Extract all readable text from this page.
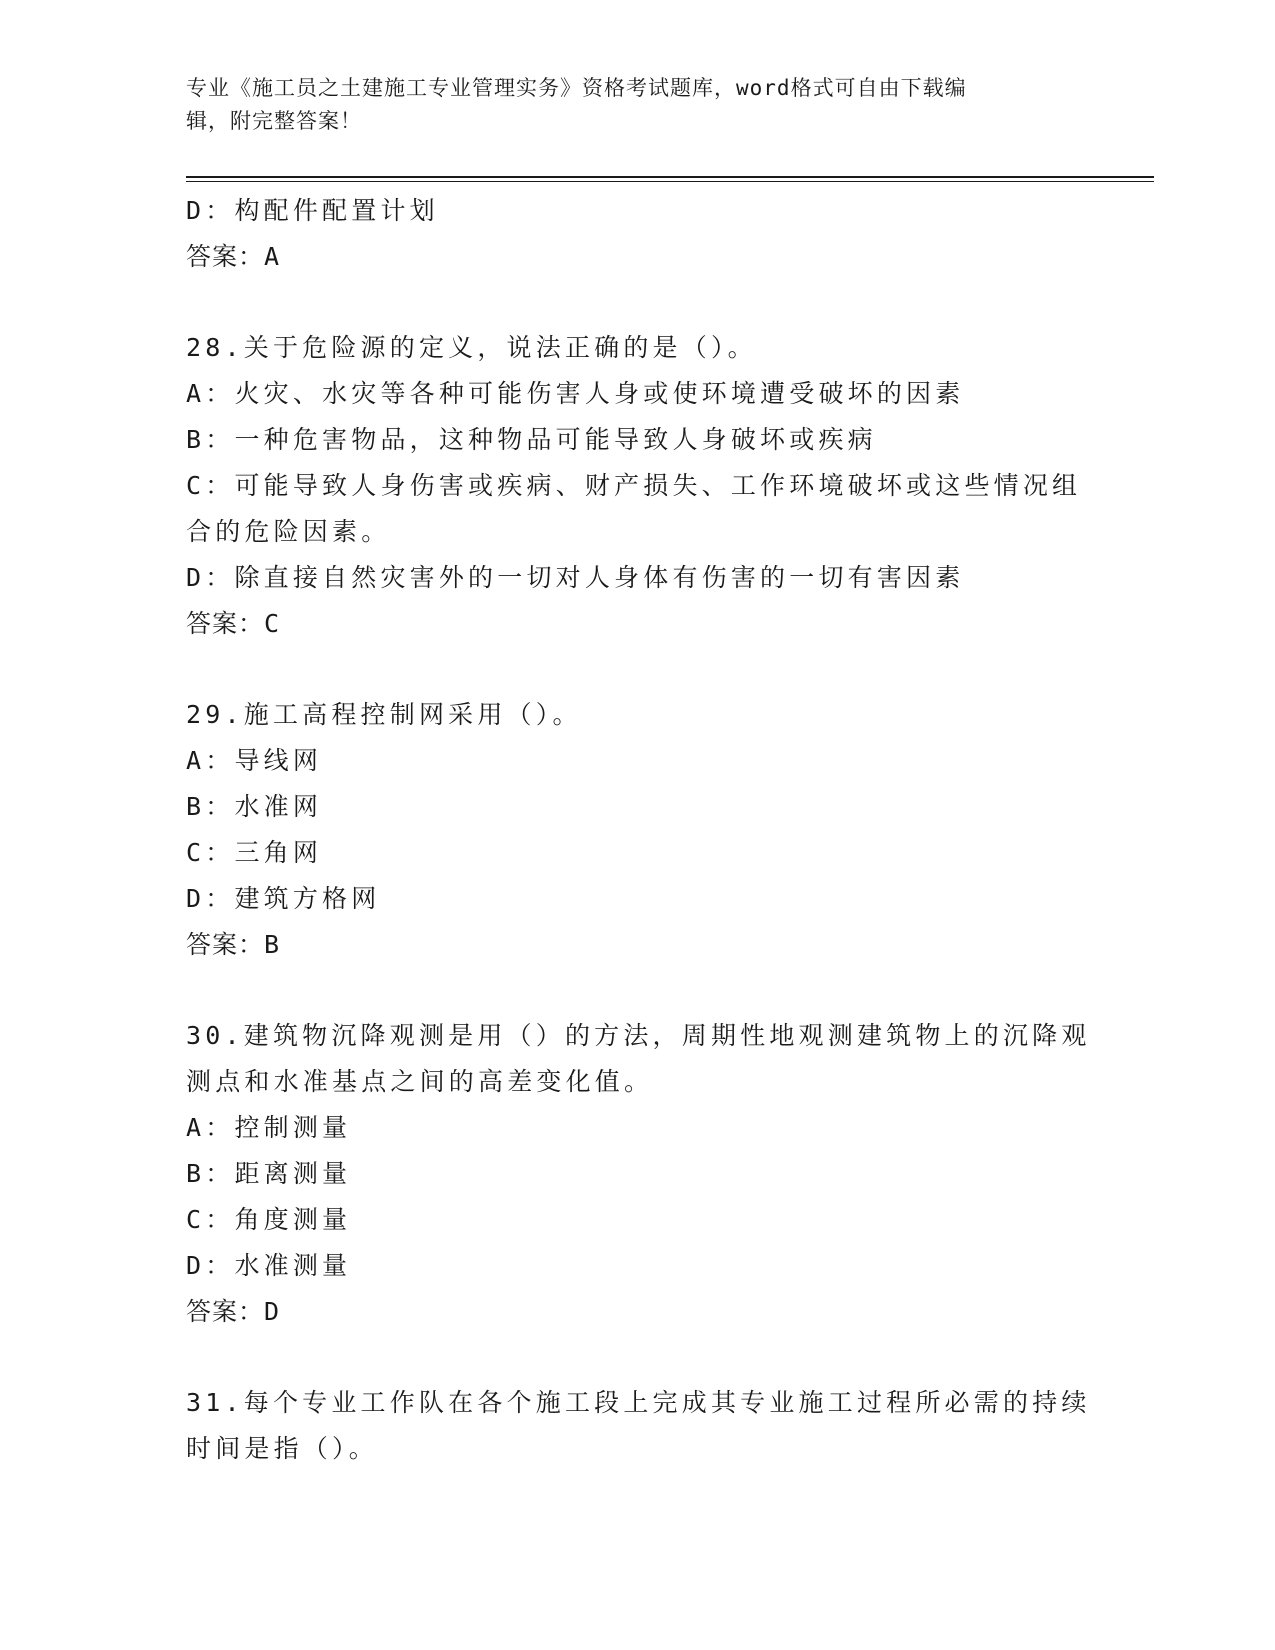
专业《施工员之土建施工专业管理实务》资格考试题库，word格式可自由下载编
辑，附完整答案！
D：构配件配置计划
答案：A
28.关于危险源的定义，说法正确的是（）。
A：火灾、水灾等各种可能伤害人身或使环境遭受破坏的因素
B：一种危害物品，这种物品可能导致人身破坏或疾病
C：可能导致人身伤害或疾病、财产损失、工作环境破坏或这些情况组
合的危险因素。
D：除直接自然灾害外的一切对人身体有伤害的一切有害因素
答案：C
29.施工高程控制网采用（）。
A：导线网
B：水准网
C：三角网
D：建筑方格网
答案：B
30.建筑物沉降观测是用（）的方法，周期性地观测建筑物上的沉降观
测点和水准基点之间的高差变化值。
A：控制测量
B：距离测量
C：角度测量
D：水准测量
答案：D
31.每个专业工作队在各个施工段上完成其专业施工过程所必需的持续
时间是指（）。
